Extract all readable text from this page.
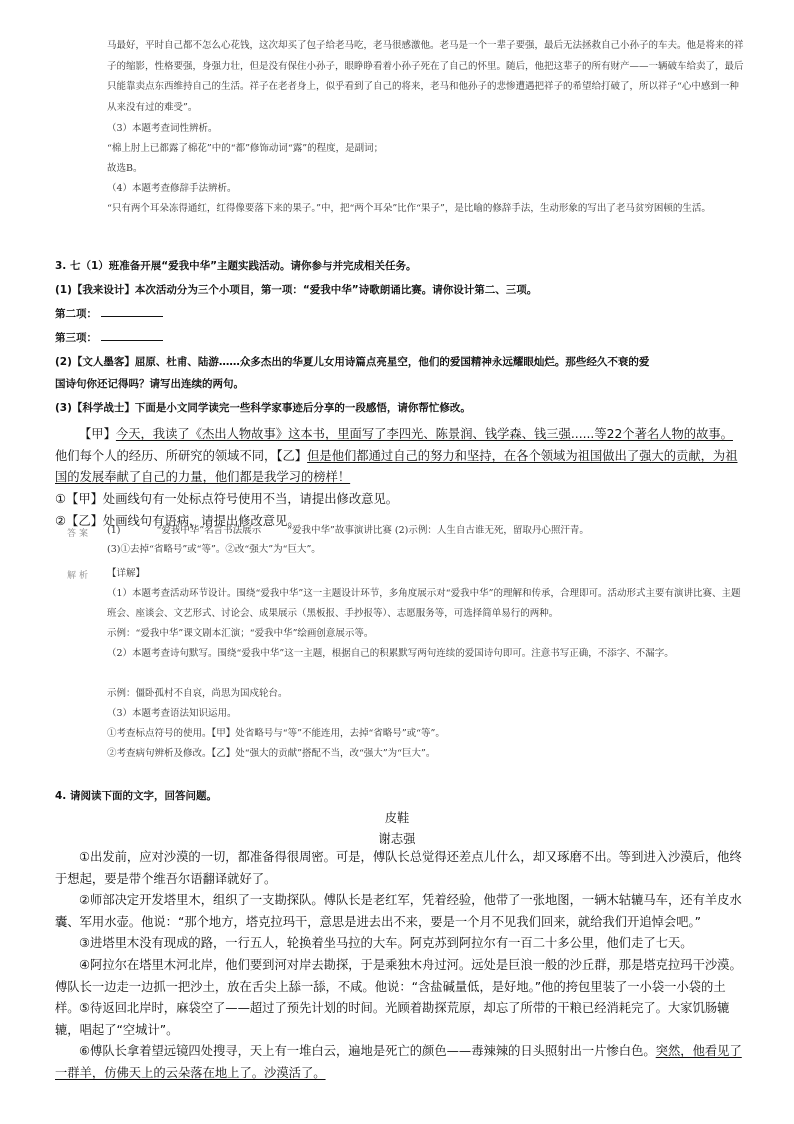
马最好，平时自己都不怎么心花钱，这次却买了包子给老马吃，老马很感激他。老马是一个一辈子要强，最后无法拯救自己小孙子的车夫。他是将来的祥子的缩影，性格要强，身强力壮，但是没有保住小孙子，眼睁睁看着小孙子死在了自己的怀里。随后，他把这辈子的所有财产——一辆破车给卖了，最后只能靠卖点东西维持自己的生活。祥子在老者身上，似乎看到了自己的将来，老马和他孙子的悲惨遭遇把祥子的希望给打破了，所以祥子“心中感到一种从来没有过的难受”。
（3）本题考查词性辨析。
“棉上肘上已都露了棉花”中的“都”修饰动词“露”的程度，是副词；
故选B。
（4）本题考查修辞手法辨析。
“只有两个耳朵冻得通红，红得像要落下来的果子。”中，把“两个耳朵”比作“果子”，是比喻的修辞手法，生动形象的写出了老马贫穷困顿的生活。
3. 七（1）班准备开展“爱我中华”主题实践活动。请你参与并完成相关任务。
(1)【我来设计】本次活动分为三个小项目，第一项：“爱我中华”诗歌朗诵比赛。请你设计第二、三项。
第二项：
第三项：
(2)【文人墨客】屈原、杜甫、陆游……众多杰出的华夏儿女用诗篇点亮星空，他们的爱国精神永远耀眼灿烂。那些经久不衰的爱
国诗句你还记得吗？请写出连续的两句。
(3)【科学战士】下面是小文同学读完一些科学家事迹后分享的一段感悟，请你帮忙修改。
【甲】今天，我读了《杰出人物故事》这本书，里面写了李四光、陈景润、钱学森、钱三强......等22个著名人物的故事。他们每个人的经历、所研究的领域不同，【乙】但是他们都通过自己的努力和坚持，在各个领域为祖国做出了强大的贡献，为祖国的发展奉献了自己的力量，他们都是我学习的榜样！
①【甲】处画线句有一处标点符号使用不当，请提出修改意见。
②【乙】处画线句有语病，请提出修改意见。
答案 (1)	“爱我中华”名言书法展示	“爱我中华”故事演讲比赛 (2)示例：人生自古谁无死，留取丹心照汗青。
(3)①去掉“省略号”或“等”。②改“强大”为“巨大”。
解析 【详解】
（1）本题考查活动环节设计。围绕“爱我中华”这一主题设计环节，多角度展示对“爱我中华”的理解和传承，合理即可。活动形式主要有演讲比赛、主题班会、座谈会、文艺形式、讨论会、成果展示（黑板报、手抄报等）、志愿服务等，可选择简单易行的两种。
示例：“爱我中华”课文剧本汇演；“爱我中华”绘画创意展示等。
（2）本题考查诗句默写。围绕“爱我中华”这一主题，根据自己的积累默写两句连续的爱国诗句即可。注意书写正确，不添字、不漏字。
示例：僵卧孤村不自哀，尚思为国戍轮台。
（3）本题考查语法知识运用。
①考查标点符号的使用。【甲】处省略号与“等”不能连用，去掉“省略号”或“等”。
②考查病句辨析及修改。【乙】处“强大的贡献”搭配不当，改“强大”为“巨大”。
4. 请阅读下面的文字，回答问题。
皮鞋
谢志强
①出发前，应对沙漠的一切，都准备得很周密。可是，傅队长总觉得还差点儿什么，却又琢磨不出。等到进入沙漠后，他终于想起，要是带个维吾尔语翻译就好了。
②师部决定开发塔里木，组织了一支勘探队。傅队长是老红军，凭着经验，他带了一张地图，一辆木轱辘马车，还有羊皮水囊、军用水壶。他说：“那个地方，塔克拉玛干，意思是进去出不来，要是一个月不见我们回来，就给我们开追悼会吧。”
③进塔里木没有现成的路，一行五人，轮换着坐马拉的大车。阿克苏到阿拉尔有一百二十多公里，他们走了七天。
④阿拉尔在塔里木河北岸，他们要到河对岸去勘探，于是乘独木舟过河。远处是巨浪一般的沙丘群，那是塔克拉玛干沙漠。傅队长一边走一边抓一把沙土，放在舌尖上舔一舔，不咸。他说：“含盐碱量低，是好地。”他的挎包里装了一小袋一小袋的土样。 ⑤待返回北岸时，麻袋空了——超过了预先计划的时间。光顾着勘探荒原，却忘了所带的干粮已经消耗完了。大家饥肠辘辘，唱起了“空城计”。
⑥傅队长拿着望远镜四处搜寻，天上有一堆白云，遍地是死亡的颜色——毒辣辣的日头照射出一片惨白色。突然，他看见了一群羊，仿佛天上的云朵落在地上了。沙漠活了。
